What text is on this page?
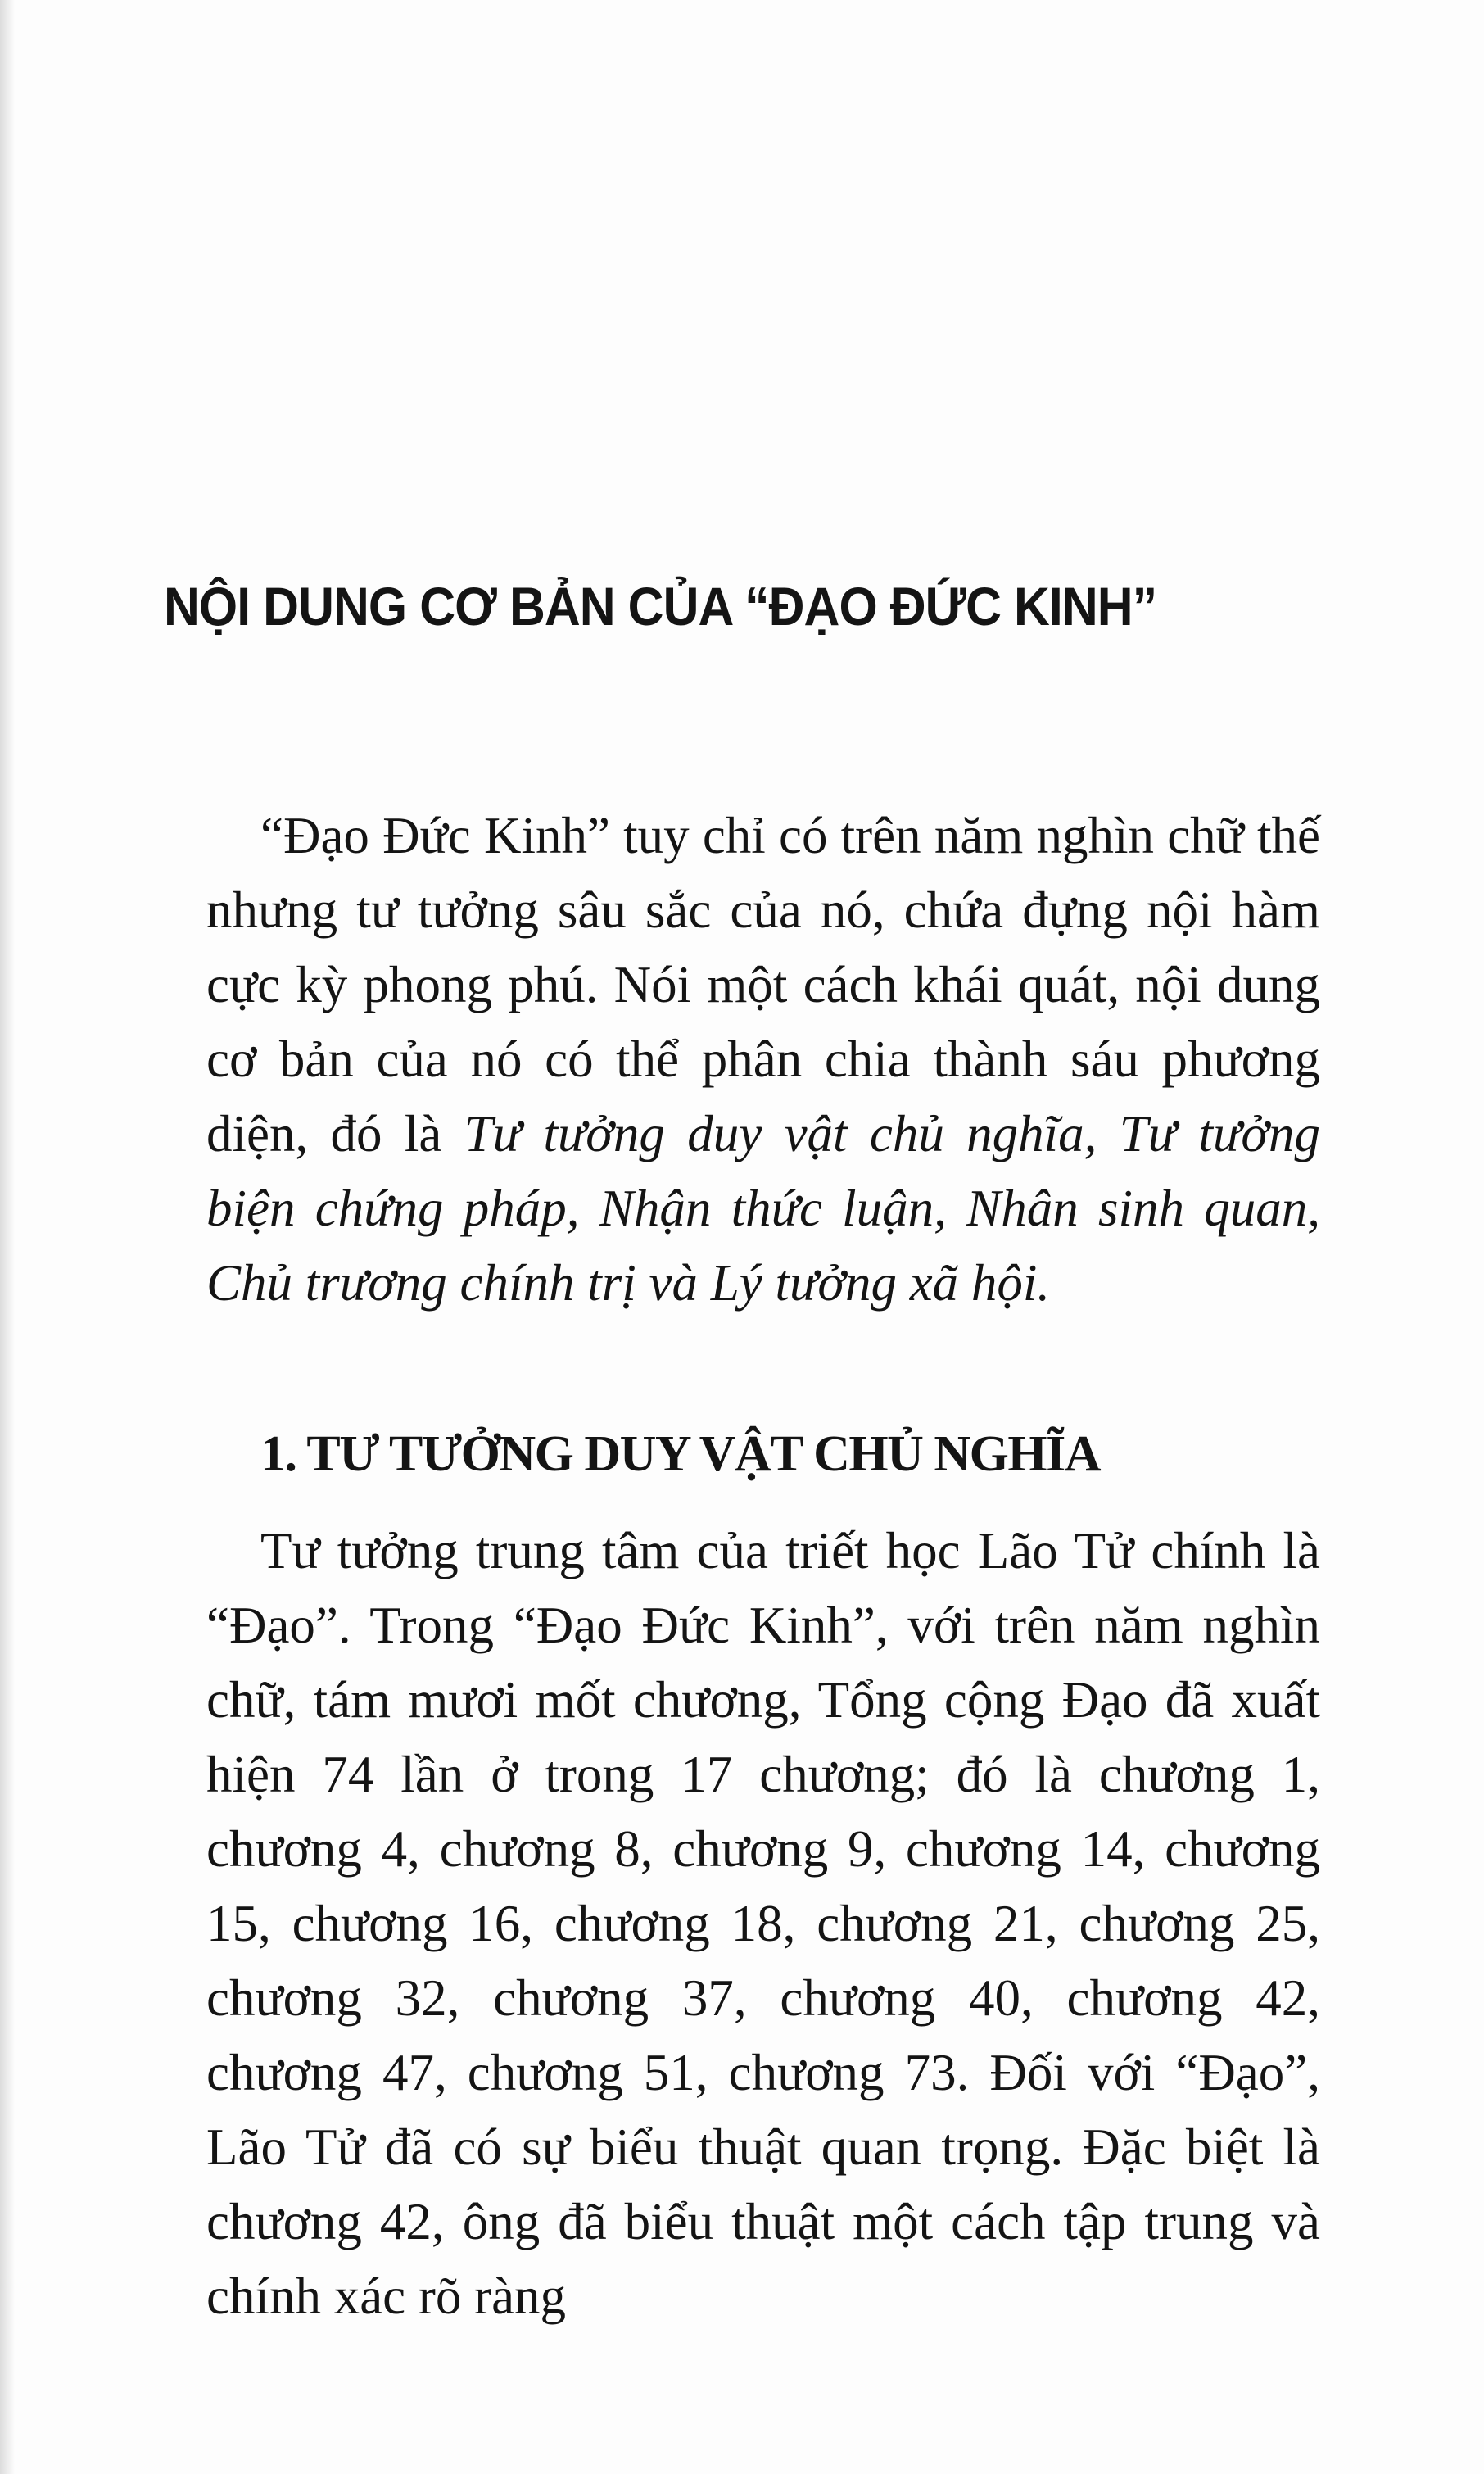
NỘI DUNG CƠ BẢN CỦA “ĐẠO ĐỨC KINH”

“Đạo Đức Kinh” tuy chỉ có trên năm nghìn chữ thế nhưng tư tưởng sâu sắc của nó, chứa đựng nội hàm cực kỳ phong phú. Nói một cách khái quát, nội dung cơ bản của nó có thể phân chia thành sáu phương diện, đó là Tư tưởng duy vật chủ nghĩa, Tư tưởng biện chứng pháp, Nhận thức luận, Nhân sinh quan, Chủ trương chính trị và Lý tưởng xã hội.

1. TƯ TƯỞNG DUY VẬT CHỦ NGHĨA

Tư tưởng trung tâm của triết học Lão Tử chính là “Đạo”. Trong “Đạo Đức Kinh”, với trên năm nghìn chữ, tám mươi mốt chương, Tổng cộng Đạo đã xuất hiện 74 lần ở trong 17 chương; đó là chương 1, chương 4, chương 8, chương 9, chương 14, chương 15, chương 16, chương 18, chương 21, chương 25, chương 32, chương 37, chương 40, chương 42, chương 47, chương 51, chương 73. Đối với “Đạo”, Lão Tử đã có sự biểu thuật quan trọng. Đặc biệt là chương 42, ông đã biểu thuật một cách tập trung và chính xác rõ ràng
